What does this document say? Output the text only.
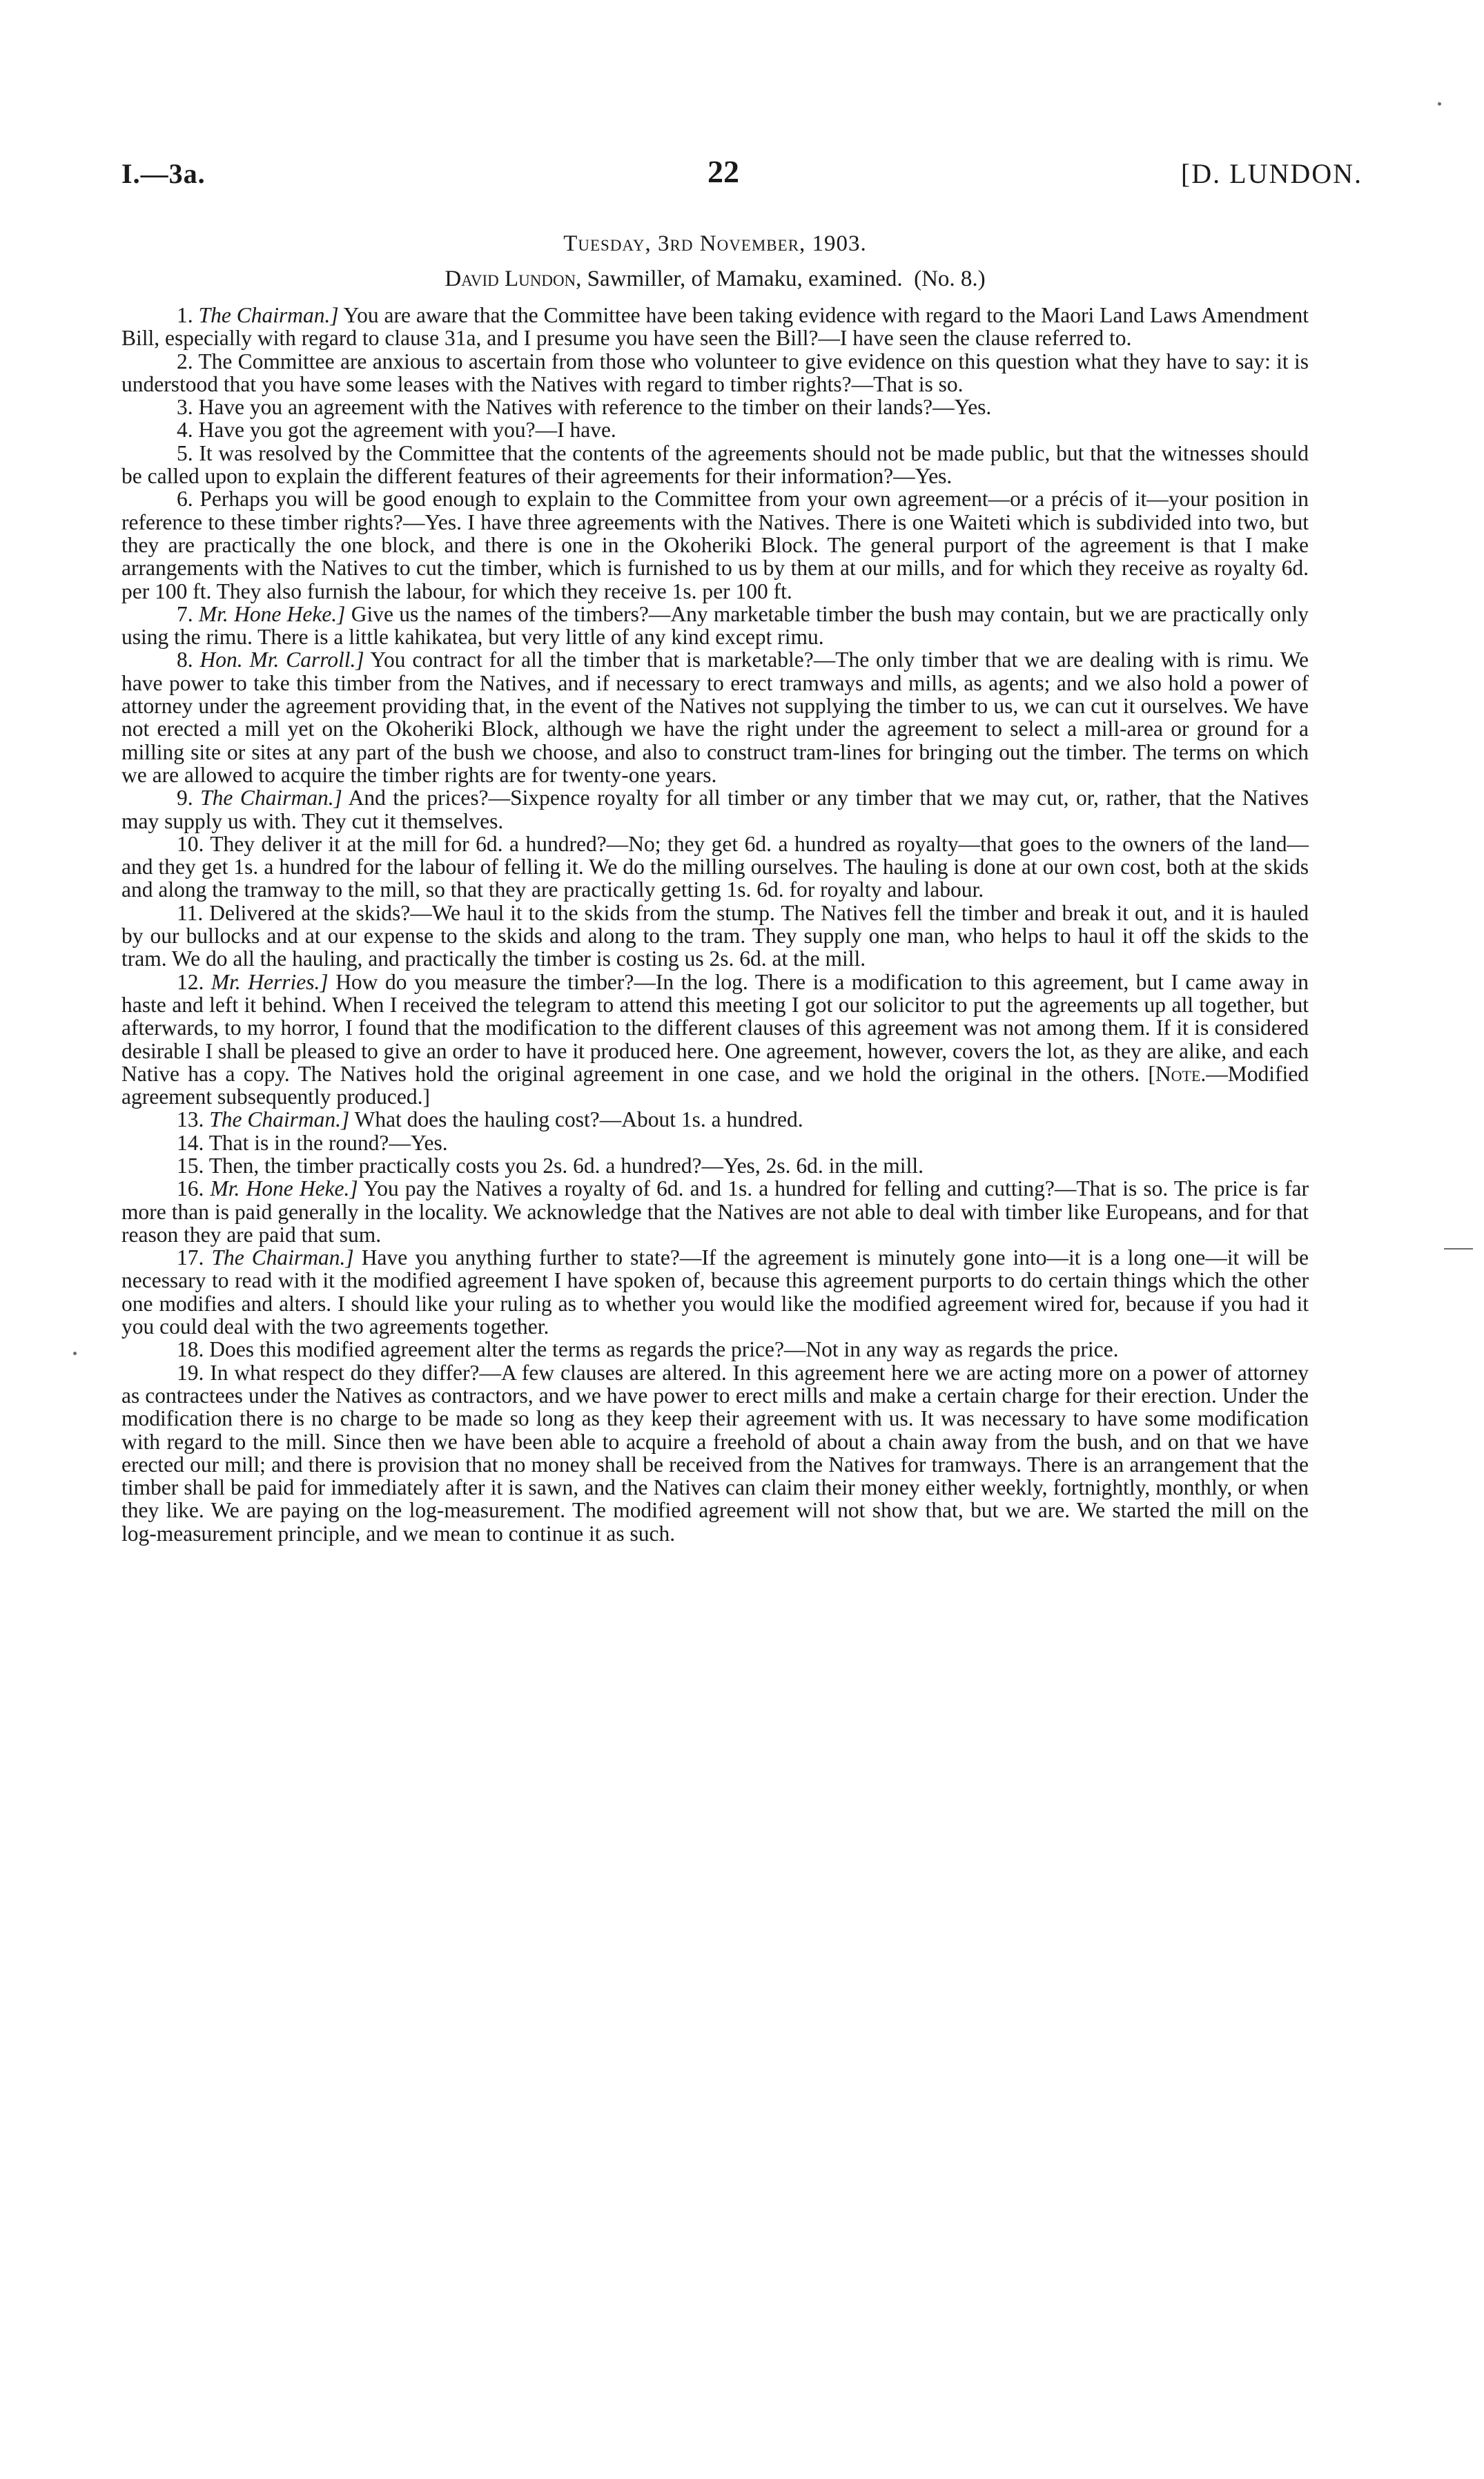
I.—3a.	22	[D. LUNDON.
Tuesday, 3rd November, 1903.
David Lundon, Sawmiller, of Mamaku, examined. (No. 8.)

1. The Chairman.] You are aware that the Committee have been taking evidence with regard to the Maori Land Laws Amendment Bill, especially with regard to clause 31a, and I presume you have seen the Bill?—I have seen the clause referred to.

2. The Committee are anxious to ascertain from those who volunteer to give evidence on this question what they have to say: it is understood that you have some leases with the Natives with regard to timber rights?—That is so.

3. Have you an agreement with the Natives with reference to the timber on their lands?—Yes.

4. Have you got the agreement with you?—I have.

5. It was resolved by the Committee that the contents of the agreements should not be made public, but that the witnesses should be called upon to explain the different features of their agreements for their information?—Yes.

6. Perhaps you will be good enough to explain to the Committee from your own agreement—or a précis of it—your position in reference to these timber rights?—Yes. I have three agreements with the Natives. There is one Waiteti which is subdivided into two, but they are practically the one block, and there is one in the Okoheriki Block. The general purport of the agreement is that I make arrangements with the Natives to cut the timber, which is furnished to us by them at our mills, and for which they receive as royalty 6d. per 100 ft. They also furnish the labour, for which they receive 1s. per 100 ft.

7. Mr. Hone Heke.] Give us the names of the timbers?—Any marketable timber the bush may contain, but we are practically only using the rimu. There is a little kahikatea, but very little of any kind except rimu.

8. Hon. Mr. Carroll.] You contract for all the timber that is marketable?—The only timber that we are dealing with is rimu. We have power to take this timber from the Natives, and if necessary to erect tramways and mills, as agents; and we also hold a power of attorney under the agreement providing that, in the event of the Natives not supplying the timber to us, we can cut it ourselves. We have not erected a mill yet on the Okoheriki Block, although we have the right under the agreement to select a mill-area or ground for a milling site or sites at any part of the bush we choose, and also to construct tram-lines for bringing out the timber. The terms on which we are allowed to acquire the timber rights are for twenty-one years.

9. The Chairman.] And the prices?—Sixpence royalty for all timber or any timber that we may cut, or, rather, that the Natives may supply us with. They cut it themselves.

10. They deliver it at the mill for 6d. a hundred?—No; they get 6d. a hundred as royalty—that goes to the owners of the land—and they get 1s. a hundred for the labour of felling it. We do the milling ourselves. The hauling is done at our own cost, both at the skids and along the tramway to the mill, so that they are practically getting 1s. 6d. for royalty and labour.

11. Delivered at the skids?—We haul it to the skids from the stump. The Natives fell the timber and break it out, and it is hauled by our bullocks and at our expense to the skids and along to the tram. They supply one man, who helps to haul it off the skids to the tram. We do all the hauling, and practically the timber is costing us 2s. 6d. at the mill.

12. Mr. Herries.] How do you measure the timber?—In the log. There is a modification to this agreement, but I came away in haste and left it behind. When I received the telegram to attend this meeting I got our solicitor to put the agreements up all together, but afterwards, to my horror, I found that the modification to the different clauses of this agreement was not among them. If it is considered desirable I shall be pleased to give an order to have it produced here. One agreement, however, covers the lot, as they are alike, and each Native has a copy. The Natives hold the original agreement in one case, and we hold the original in the others. [Note.—Modified agreement subsequently produced.]

13. The Chairman.] What does the hauling cost?—About 1s. a hundred.

14. That is in the round?—Yes.

15. Then, the timber practically costs you 2s. 6d. a hundred?—Yes, 2s. 6d. in the mill.

16. Mr. Hone Heke.] You pay the Natives a royalty of 6d. and 1s. a hundred for felling and cutting?—That is so. The price is far more than is paid generally in the locality. We acknowledge that the Natives are not able to deal with timber like Europeans, and for that reason they are paid that sum.

17. The Chairman.] Have you anything further to state?—If the agreement is minutely gone into—it is a long one—it will be necessary to read with it the modified agreement I have spoken of, because this agreement purports to do certain things which the other one modifies and alters. I should like your ruling as to whether you would like the modified agreement wired for, because if you had it you could deal with the two agreements together.

18. Does this modified agreement alter the terms as regards the price?—Not in any way as regards the price.

19. In what respect do they differ?—A few clauses are altered. In this agreement here we are acting more on a power of attorney as contractees under the Natives as contractors, and we have power to erect mills and make a certain charge for their erection. Under the modification there is no charge to be made so long as they keep their agreement with us. It was necessary to have some modification with regard to the mill. Since then we have been able to acquire a freehold of about a chain away from the bush, and on that we have erected our mill; and there is provision that no money shall be received from the Natives for tramways. There is an arrangement that the timber shall be paid for immediately after it is sawn, and the Natives can claim their money either weekly, fortnightly, monthly, or when they like. We are paying on the log-measurement. The modified agreement will not show that, but we are. We started the mill on the log-measurement principle, and we mean to continue it as such.
